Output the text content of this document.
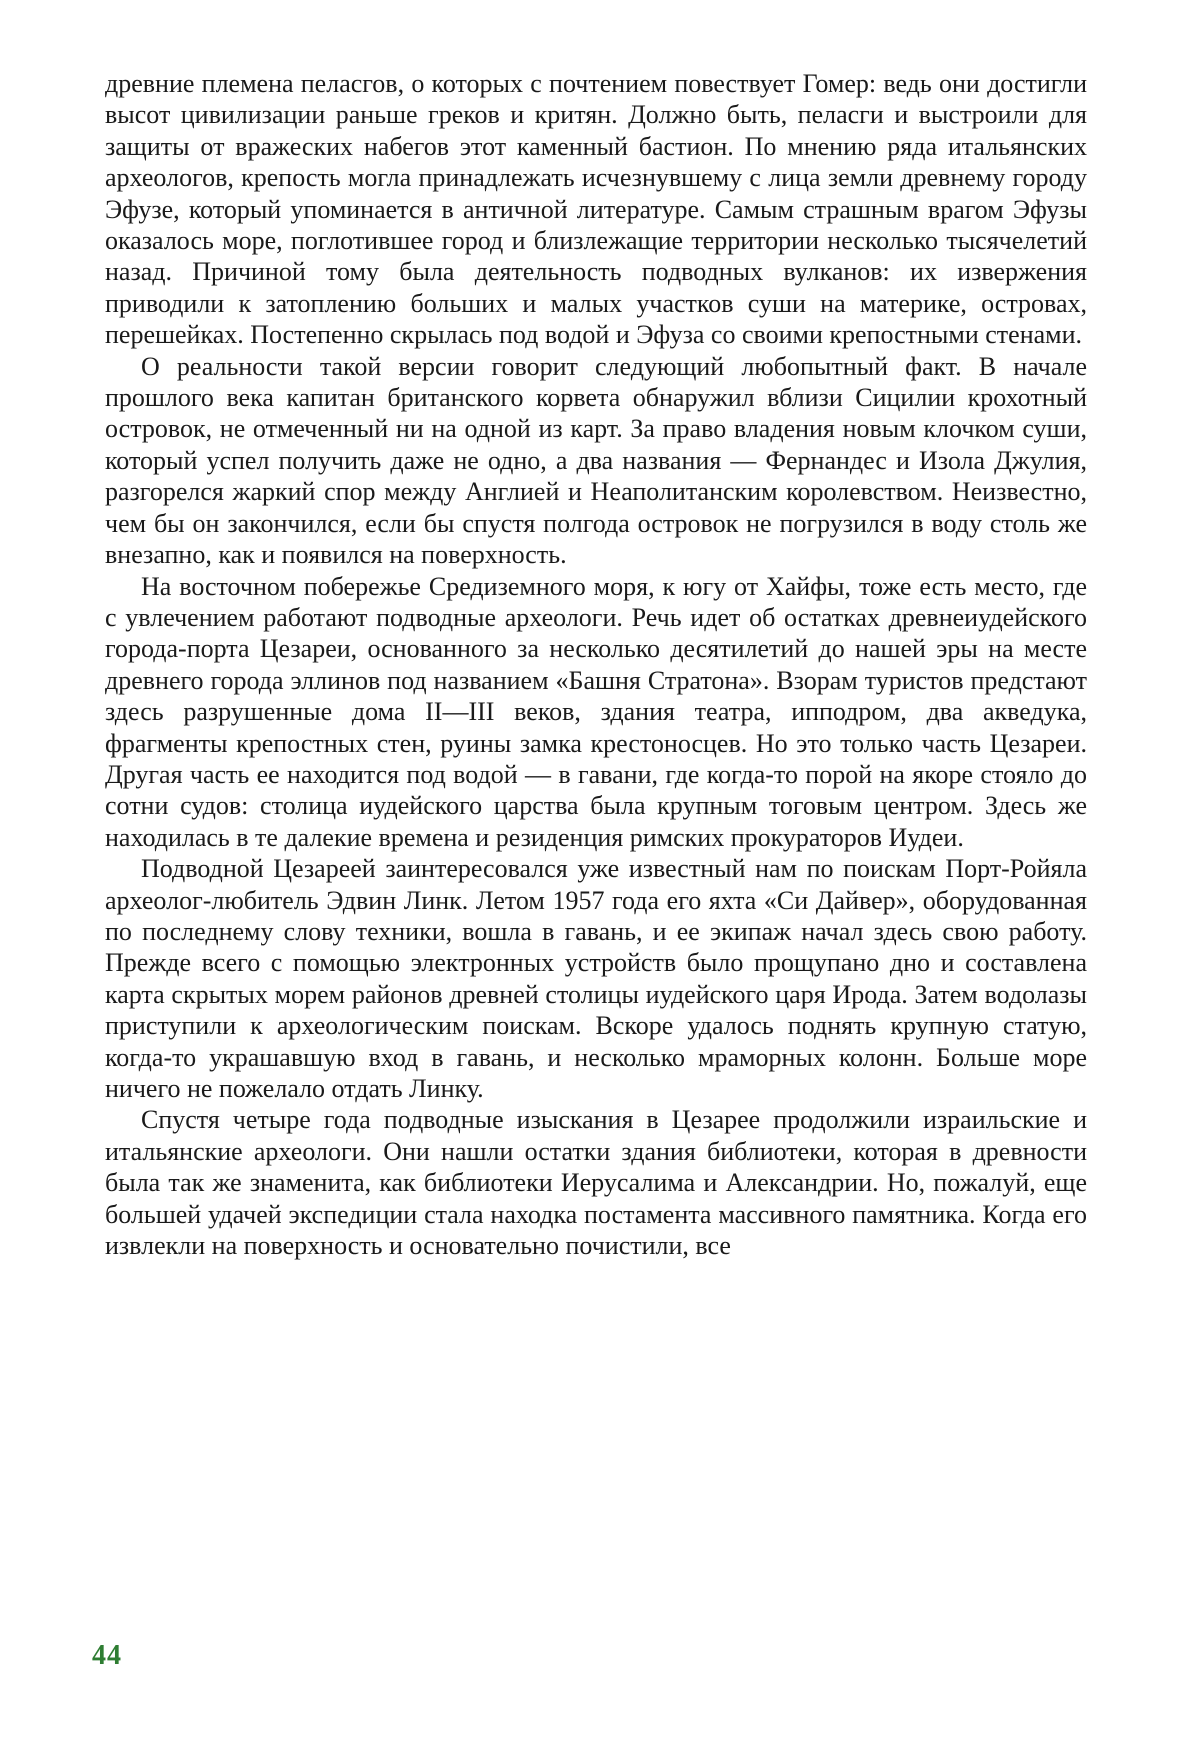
древние племена пеласгов, о которых с почтением повествует Гомер: ведь они достигли высот цивилизации раньше греков и критян. Должно быть, пеласги и выстроили для защиты от вражеских набегов этот каменный бастион. По мнению ряда итальянских археологов, крепость могла принадлежать исчезнувшему с лица земли древнему городу Эфузе, который упоминается в античной литературе. Самым страшным врагом Эфузы оказалось море, поглотившее город и близ­лежащие территории несколько тысячелетий назад. Причиной тому была деятельность подводных вулканов: их извержения приводили к затоплению больших и малых участков суши на материке, островах, перешейках. Постепенно скрылась под водой и Эфуза со своими крепостными стенами.

О реальности такой версии говорит следующий любопытный факт. В начале прошлого века капитан британского корвета обнаружил вблизи Сицилии крохотный островок, не отмеченный ни на одной из карт. За право владения новым клочком суши, который успел получить даже не одно, а два названия — Фернандес и Изола Джулия, разгорелся жаркий спор между Англией и Неаполитанским королевством. Неизвестно, чем бы он закончился, если бы спустя пол­года островок не погрузился в воду столь же внезапно, как и поя­вился на поверхность.

На восточном побережье Средиземного моря, к югу от Хайфы, тоже есть место, где с увлечением работают подводные археологи. Речь идет об остатках древнеиудейского города-порта Цезареи, основанного за несколько десятилетий до нашей эры на месте древнего города эллинов под названием «Башня Стратона». Взорам туристов пред­стают здесь разрушенные дома II—III веков, здания театра, иппод­ром, два акведука, фрагменты крепостных стен, руины замка кресто­носцев. Но это только часть Цезареи. Другая часть ее находится под водой — в гавани, где когда-то порой на якоре стояло до сотни судов: столица иудейского царства была крупным тоговым центром. Здесь же находилась в те далекие времена и резиденция римских прокура­торов Иудеи.

Подводной Цезареей заинтересовался уже известный нам по поис­кам Порт-Ройяла археолог-любитель Эдвин Линк. Летом 1957 года его яхта «Си Дайвер», оборудованная по последнему слову техники, вошла в гавань, и ее экипаж начал здесь свою работу. Прежде всего с помощью электронных устройств было прощупано дно и составлена карта скрытых морем районов древней столицы иудейского царя Ирода. Затем водолазы приступили к археологическим поискам. Вскоре удалось поднять крупную статую, когда-то украшавшую вход в гавань, и несколько мраморных колонн. Больше море ничего не пожелало отдать Линку.

Спустя четыре года подводные изыскания в Цезарее продолжили израильские и итальянские археологи. Они нашли остатки здания библиотеки, которая в древности была так же знаменита, как библиотеки Иерусалима и Александрии. Но, пожалуй, еще большей удачей экспедиции стала находка постамента массивного памятника. Когда его извлекли на поверхность и основательно почистили, все

44
